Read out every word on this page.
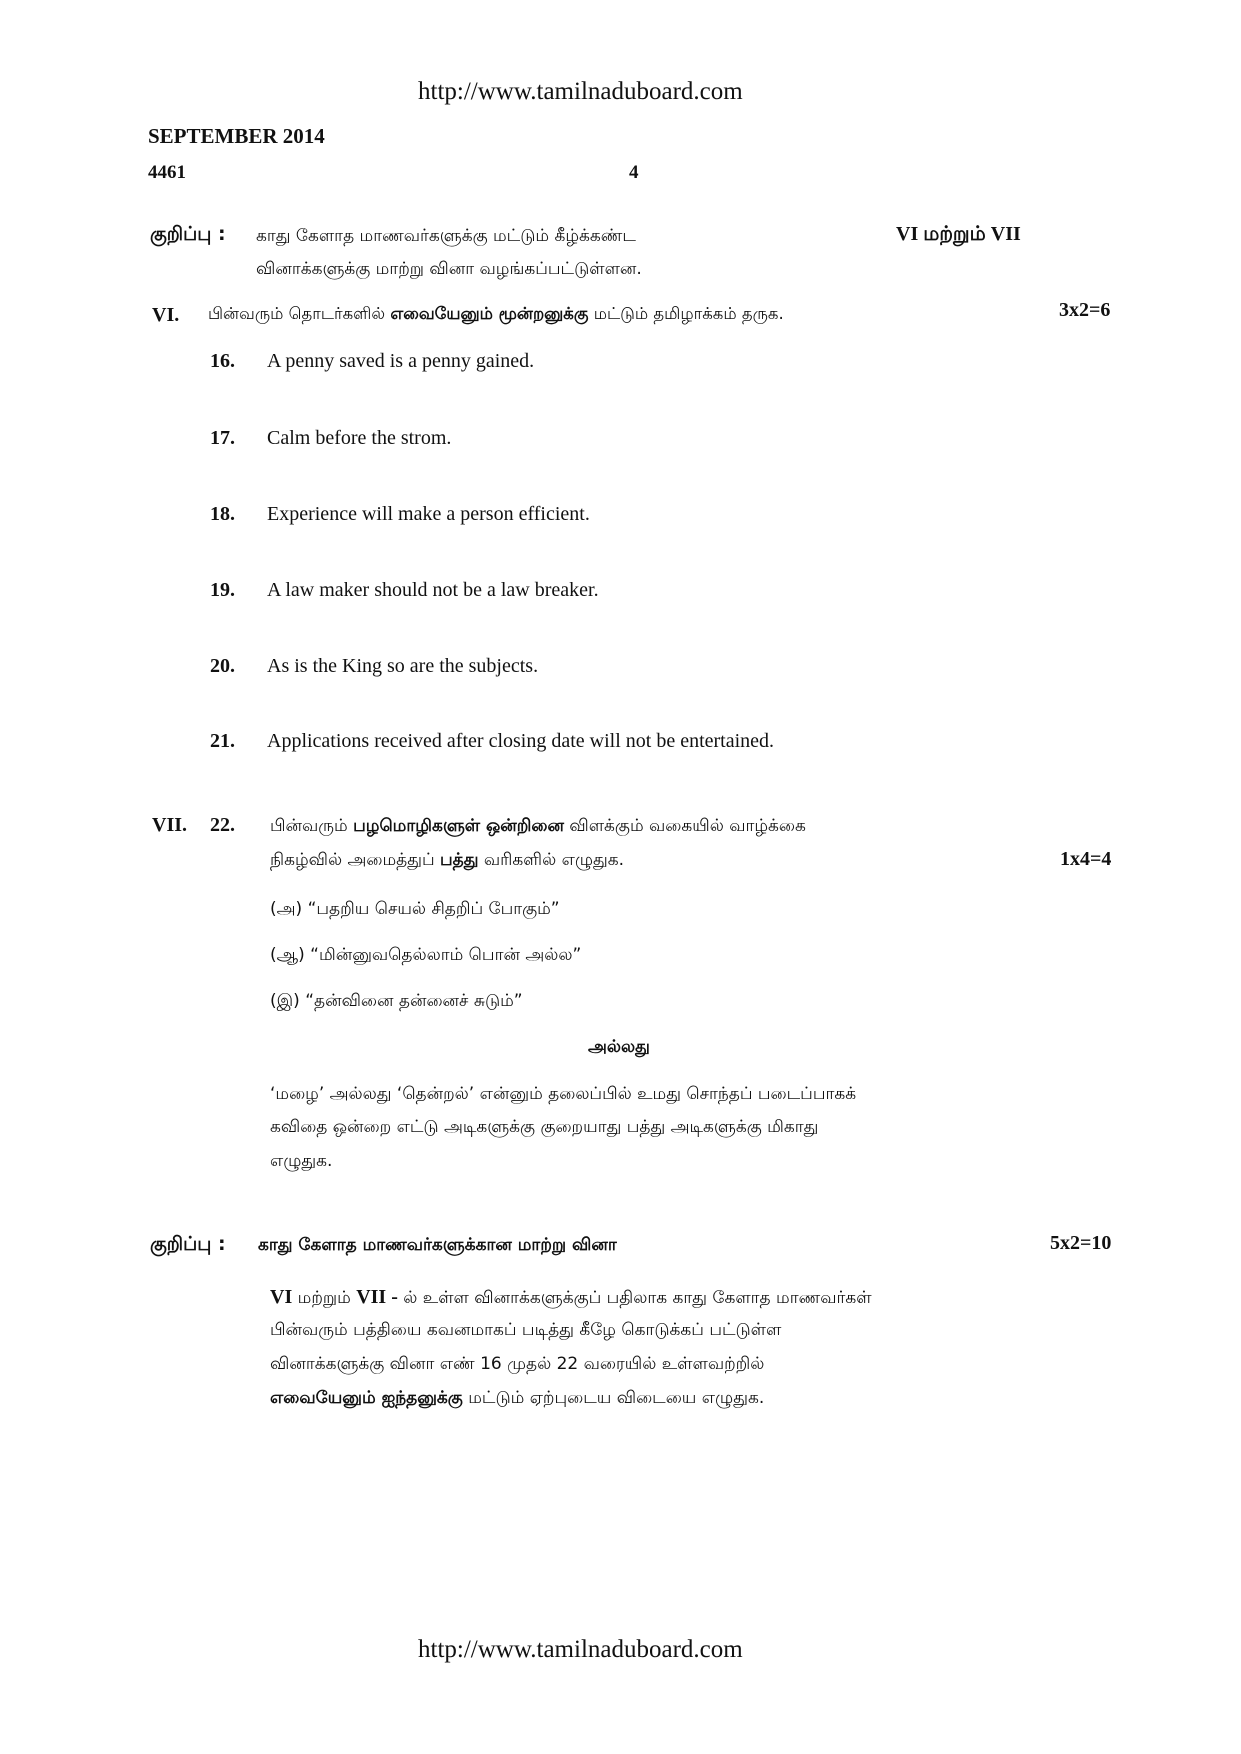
http://www.tamilnaduboard.com
SEPTEMBER 2014
4461	4
குறிப்பு : காது கேளாத மாணவர்களுக்கு மட்டும் கீழ்க்கண்ட	VI மற்றும் VII
வினாக்களுக்கு மாற்று வினா வழங்கப்பட்டுள்ளன.
VI. பின்வரும் தொடர்களில் எவையேனும் மூன்றனுக்கு மட்டும் தமிழாக்கம் தருக.	3x2=6
16. A penny saved is a penny gained.
17. Calm before the strom.
18. Experience will make a person efficient.
19. A law maker should not be a law breaker.
20. As is the King so are the subjects.
21. Applications received after closing date will not be entertained.
VII. 22. பின்வரும் பழமொழிகளுள் ஒன்றினை விளக்கும் வகையில் வாழ்க்கை
நிகழ்வில் அமைத்துப் பத்து வரிகளில் எழுதுக.	1x4=4
(அ) “பதறிய செயல் சிதறிப் போகும்”
(ஆ) “மின்னுவதெல்லாம் பொன் அல்ல”
(இ) “தன்வினை தன்னைச் சுடும்”
அல்லது
‘மழை’ அல்லது ‘தென்றல்’ என்னும் தலைப்பில் உமது சொந்தப் படைப்பாகக்
கவிதை ஒன்றை எட்டு அடிகளுக்கு குறையாது பத்து அடிகளுக்கு மிகாது
எழுதுக.
குறிப்பு : காது கேளாத மாணவர்களுக்கான மாற்று வினா	5x2=10
VI மற்றும் VII - ல் உள்ள வினாக்களுக்குப் பதிலாக காது கேளாத மாணவர்கள்
பின்வரும் பத்தியை கவனமாகப் படித்து கீழே கொடுக்கப் பட்டுள்ள
வினாக்களுக்கு வினா எண் 16 முதல் 22 வரையில் உள்ளவற்றில்
எவையேனும் ஐந்தனுக்கு மட்டும் ஏற்புடைய விடையை எழுதுக.
http://www.tamilnaduboard.com
